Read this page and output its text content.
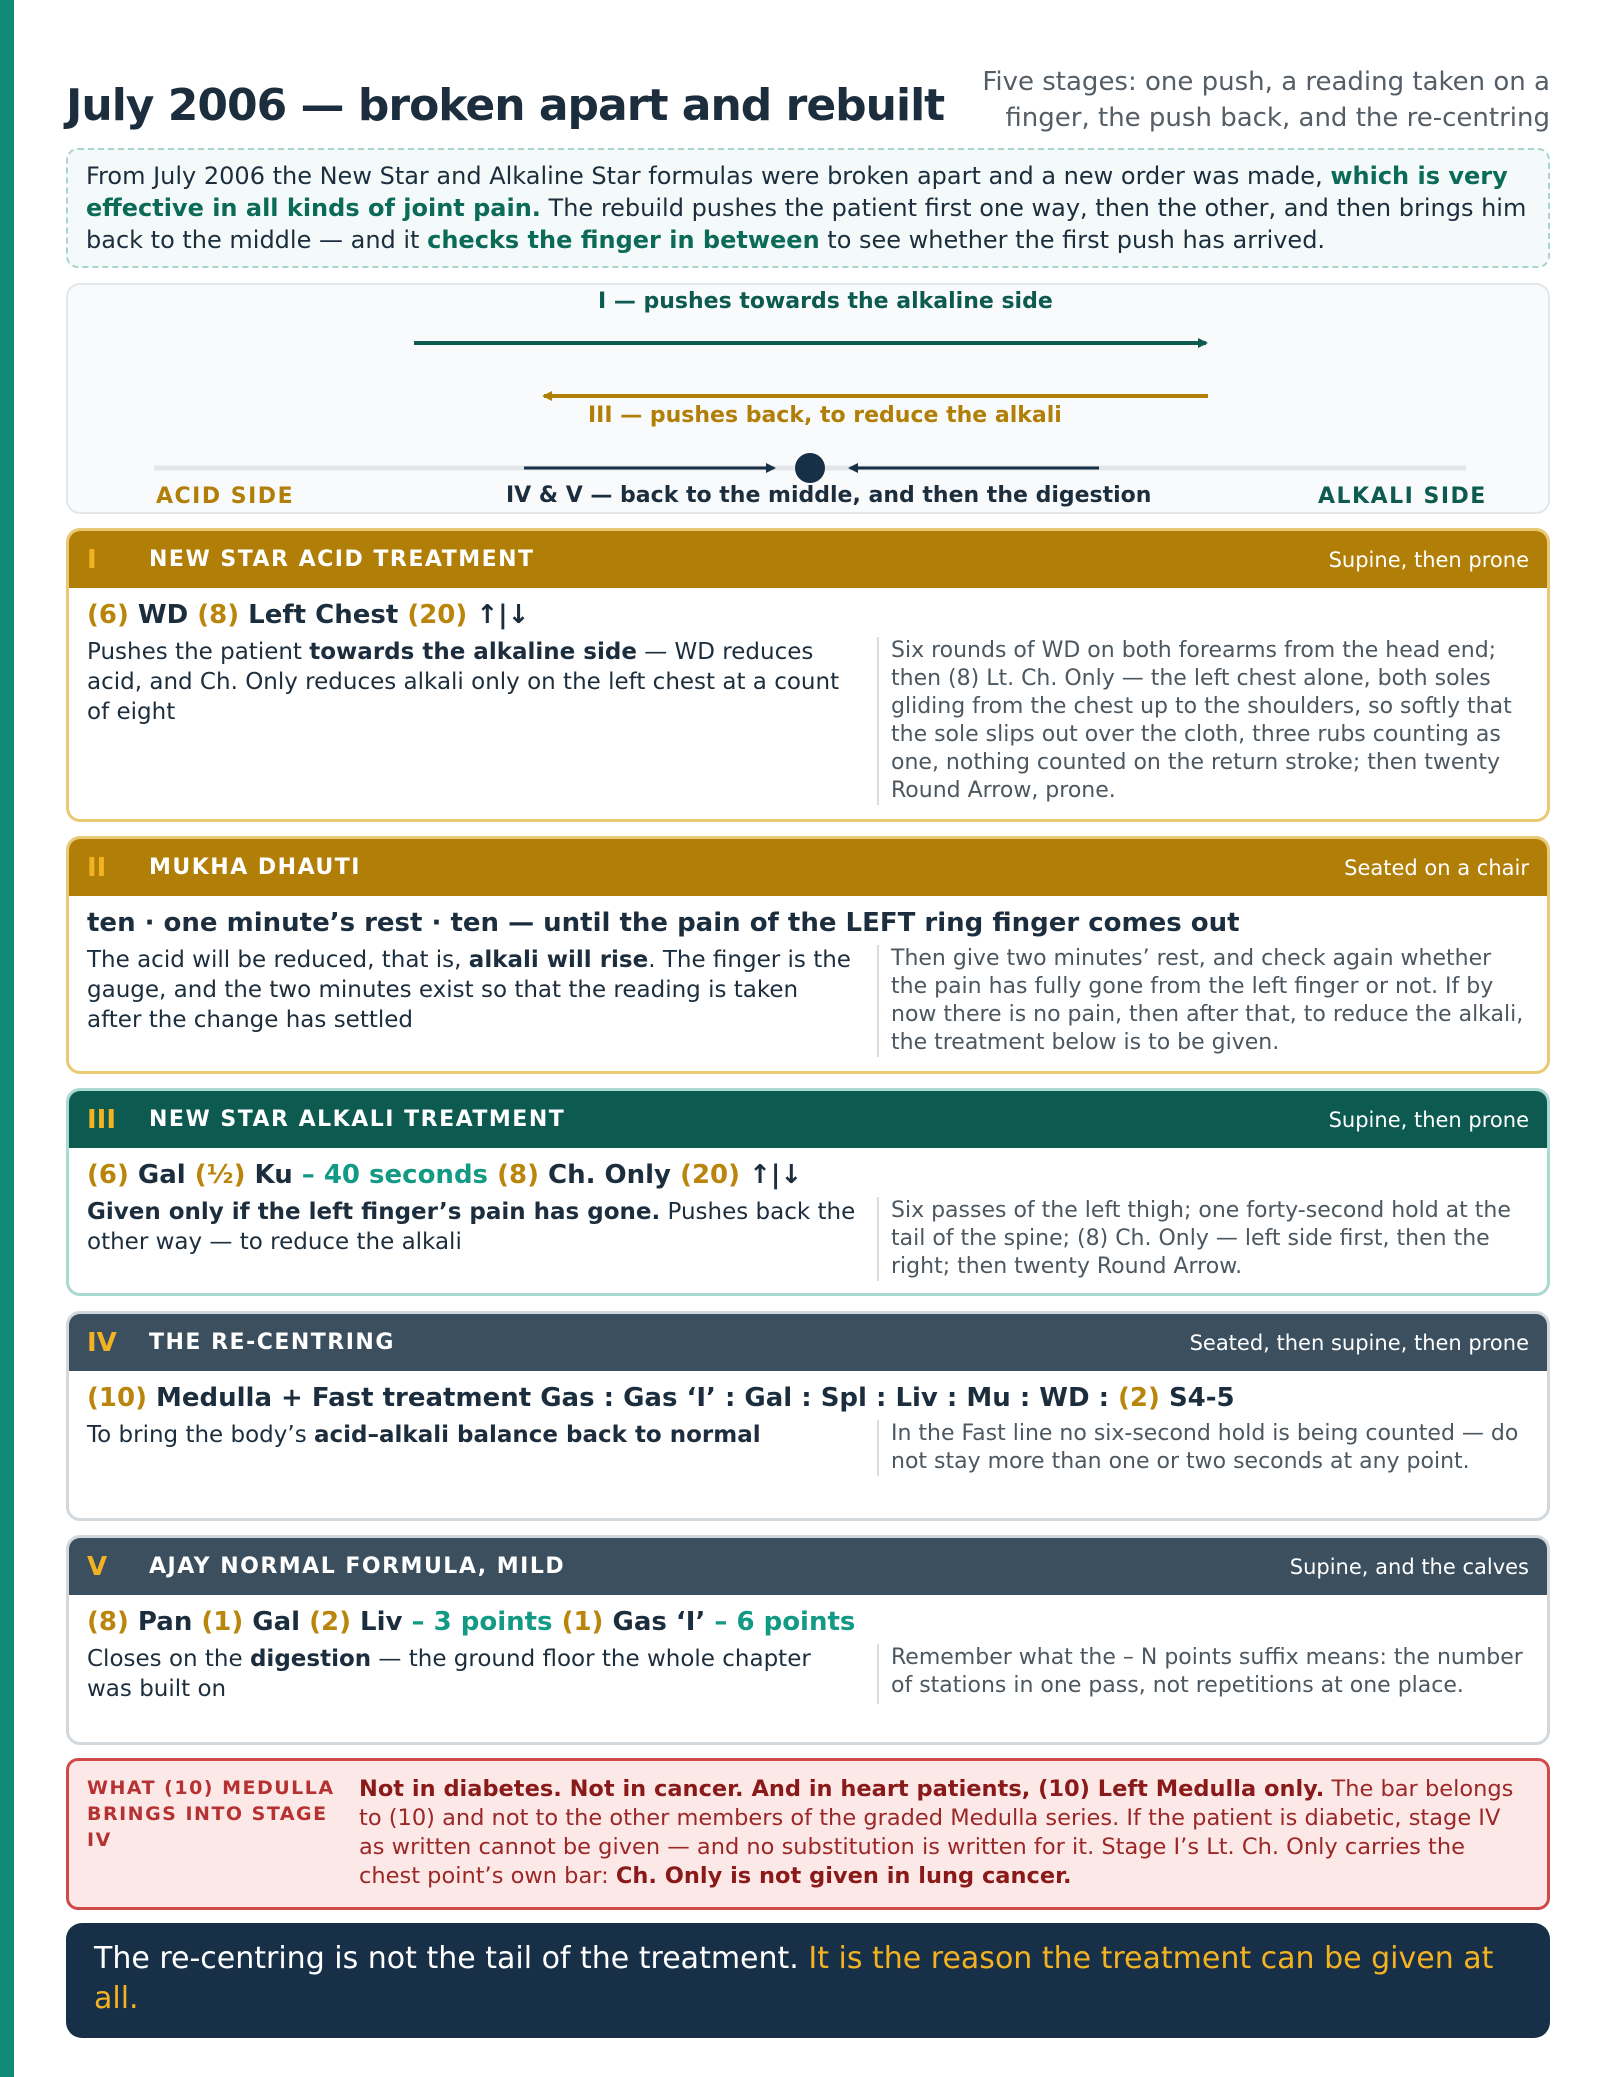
July 2006 — broken apart and rebuilt	Five stages: one push, a reading taken on a finger, the push back, and the re-centring
From July 2006 the New Star and Alkaline Star formulas were broken apart and a new order was made, which is very effective in all kinds of joint pain. The rebuild pushes the patient first one way, then the other, and then brings him back to the middle — and it checks the finger in between to see whether the first push has arrived.
I — pushes towards the alkaline side
III — pushes back, to reduce the alkali
ACID SIDE	IV & V — back to the middle, and then the digestion	ALKALI SIDE
I	NEW STAR ACID TREATMENT	Supine, then prone
(6) WD (8) Left Chest (20) ↑|↓
Pushes the patient towards the alkaline side — WD reduces acid, and Ch. Only reduces alkali only on the left chest at a count of eight
Six rounds of WD on both forearms from the head end; then (8) Lt. Ch. Only — the left chest alone, both soles gliding from the chest up to the shoulders, so softly that the sole slips out over the cloth, three rubs counting as one, nothing counted on the return stroke; then twenty Round Arrow, prone.
II	MUKHA DHAUTI	Seated on a chair
ten · one minute’s rest · ten — until the pain of the LEFT ring finger comes out
The acid will be reduced, that is, alkali will rise. The finger is the gauge, and the two minutes exist so that the reading is taken after the change has settled
Then give two minutes’ rest, and check again whether the pain has fully gone from the left finger or not. If by now there is no pain, then after that, to reduce the alkali, the treatment below is to be given.
III	NEW STAR ALKALI TREATMENT	Supine, then prone
(6) Gal (½) Ku – 40 seconds (8) Ch. Only (20) ↑|↓
Given only if the left finger’s pain has gone. Pushes back the other way — to reduce the alkali
Six passes of the left thigh; one forty-second hold at the tail of the spine; (8) Ch. Only — left side first, then the right; then twenty Round Arrow.
IV	THE RE-CENTRING	Seated, then supine, then prone
(10) Medulla + Fast treatment Gas : Gas ‘I’ : Gal : Spl : Liv : Mu : WD : (2) S4-5
To bring the body’s acid–alkali balance back to normal	In the Fast line no six-second hold is being counted — do not stay more than one or two seconds at any point.
V	AJAY NORMAL FORMULA, MILD	Supine, and the calves
(8) Pan (1) Gal (2) Liv – 3 points (1) Gas ‘I’ – 6 points
Closes on the digestion — the ground floor the whole chapter was built on
Remember what the – N points suffix means: the number of stations in one pass, not repetitions at one place.
WHAT (10) MEDULLA BRINGS INTO STAGE IV
Not in diabetes. Not in cancer. And in heart patients, (10) Left Medulla only. The bar belongs to (10) and not to the other members of the graded Medulla series. If the patient is diabetic, stage IV as written cannot be given — and no substitution is written for it. Stage I’s Lt. Ch. Only carries the chest point’s own bar: Ch. Only is not given in lung cancer.
The re-centring is not the tail of the treatment. It is the reason the treatment can be given at all.
